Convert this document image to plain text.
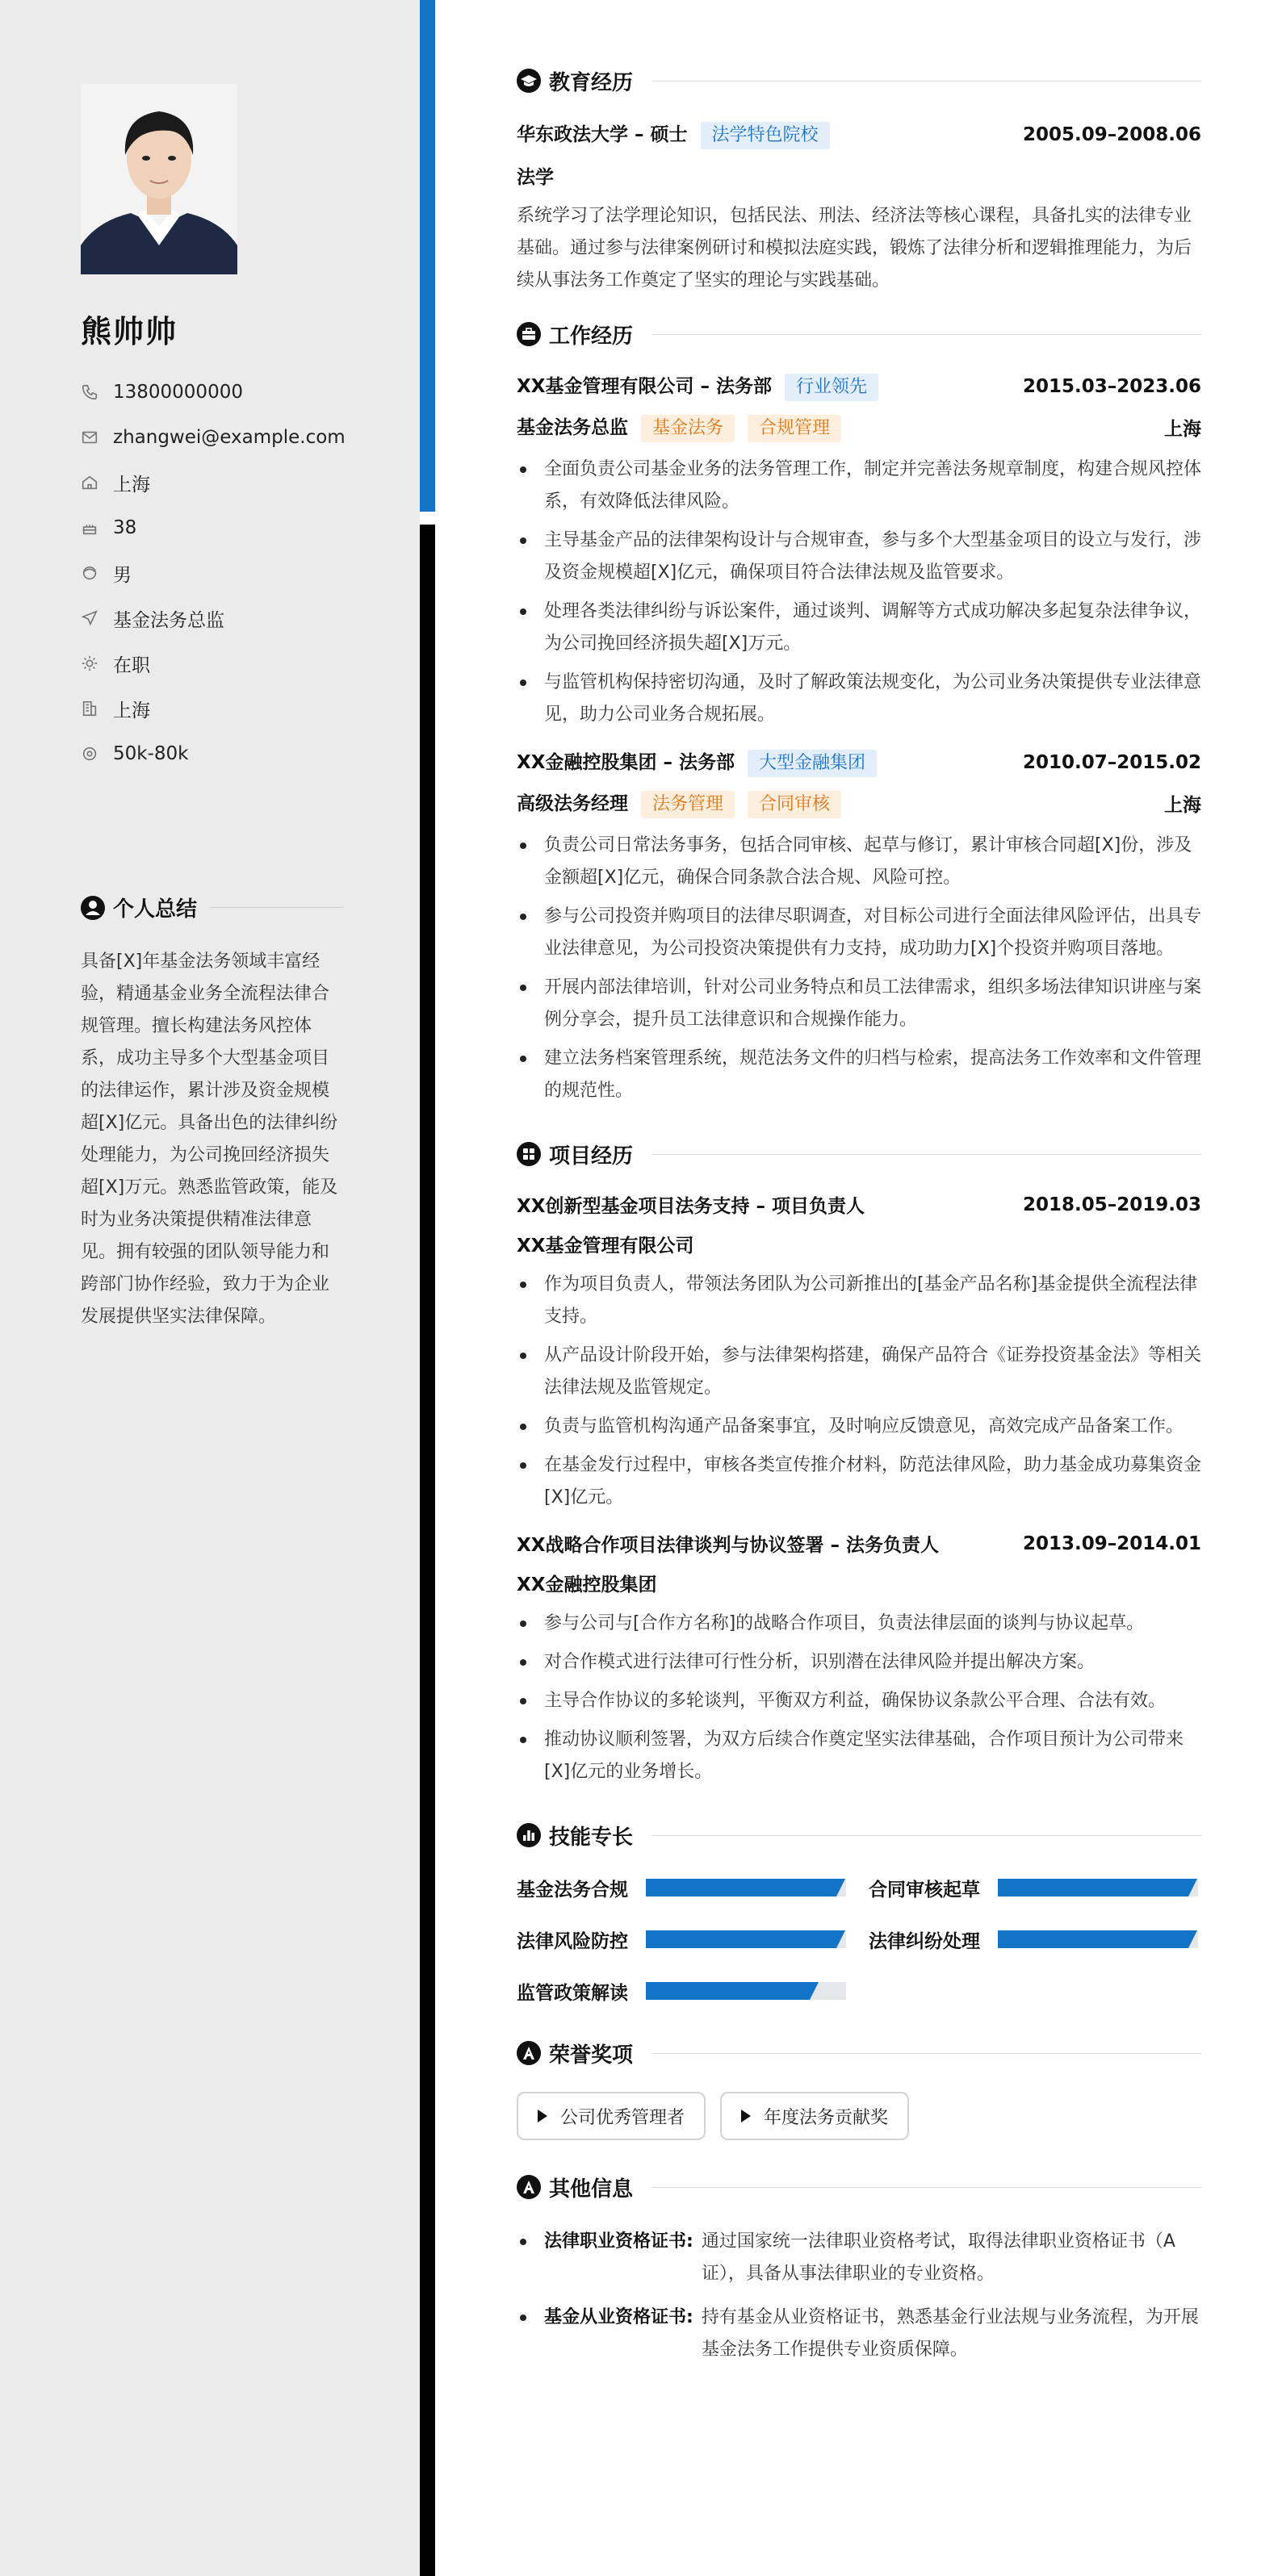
熊帅帅
13800000000
zhangwei@example.com
上海
38
男
基金法务总监
在职
上海
50k-80k
个人总结

具备[X]年基金法务领域丰富经验，精通基金业务全流程法律合规管理。擅长构建法务风控体系，成功主导多个大型基金项目的法律运作，累计涉及资金规模超[X]亿元。具备出色的法律纠纷处理能力，为公司挽回经济损失超[X]万元。熟悉监管政策，能及时为业务决策提供精准法律意见。拥有较强的团队领导能力和跨部门协作经验，致力于为企业发展提供坚实法律保障。

教育经历
华东政法大学 – 硕士 法学特色院校	2005.09–2008.06
法学

系统学习了法学理论知识，包括民法、刑法、经济法等核心课程，具备扎实的法律专业基础。通过参与法律案例研讨和模拟法庭实践，锻炼了法律分析和逻辑推理能力，为后续从事法务工作奠定了坚实的理论与实践基础。

工作经历
XX基金管理有限公司 – 法务部 行业领先	2015.03–2023.06
基金法务总监 基金法务 合规管理	上海
全面负责公司基金业务的法务管理工作，制定并完善法务规章制度，构建合规风控体系，有效降低法律风险。
主导基金产品的法律架构设计与合规审查，参与多个大型基金项目的设立与发行，涉及资金规模超[X]亿元，确保项目符合法律法规及监管要求。
处理各类法律纠纷与诉讼案件，通过谈判、调解等方式成功解决多起复杂法律争议，为公司挽回经济损失超[X]万元。
与监管机构保持密切沟通，及时了解政策法规变化，为公司业务决策提供专业法律意见，助力公司业务合规拓展。
XX金融控股集团 – 法务部 大型金融集团	2010.07–2015.02
高级法务经理 法务管理 合同审核	上海
负责公司日常法务事务，包括合同审核、起草与修订，累计审核合同超[X]份，涉及金额超[X]亿元，确保合同条款合法合规、风险可控。
参与公司投资并购项目的法律尽职调查，对目标公司进行全面法律风险评估，出具专业法律意见，为公司投资决策提供有力支持，成功助力[X]个投资并购项目落地。
开展内部法律培训，针对公司业务特点和员工法律需求，组织多场法律知识讲座与案例分享会，提升员工法律意识和合规操作能力。
建立法务档案管理系统，规范法务文件的归档与检索，提高法务工作效率和文件管理的规范性。
项目经历
XX创新型基金项目法务支持 – 项目负责人	2018.05–2019.03
XX基金管理有限公司
作为项目负责人，带领法务团队为公司新推出的[基金产品名称]基金提供全流程法律支持。
从产品设计阶段开始，参与法律架构搭建，确保产品符合《证券投资基金法》等相关法律法规及监管规定。
负责与监管机构沟通产品备案事宜，及时响应反馈意见，高效完成产品备案工作。
在基金发行过程中，审核各类宣传推介材料，防范法律风险，助力基金成功募集资金[X]亿元。
XX战略合作项目法律谈判与协议签署 – 法务负责人	2013.09–2014.01
XX金融控股集团
参与公司与[合作方名称]的战略合作项目，负责法律层面的谈判与协议起草。
对合作模式进行法律可行性分析，识别潜在法律风险并提出解决方案。
主导合作协议的多轮谈判，平衡双方利益，确保协议条款公平合理、合法有效。
推动协议顺利签署，为双方后续合作奠定坚实法律基础，合作项目预计为公司带来[X]亿元的业务增长。
技能专长
基金法务合规	合同审核起草
法律风险防控	法律纠纷处理
监管政策解读
荣誉奖项
公司优秀管理者	年度法务贡献奖
其他信息
法律职业资格证书: 通过国家统一法律职业资格考试，取得法律职业资格证书（A证），具备从事法律职业的专业资格。
基金从业资格证书: 持有基金从业资格证书，熟悉基金行业法规与业务流程，为开展基金法务工作提供专业资质保障。
